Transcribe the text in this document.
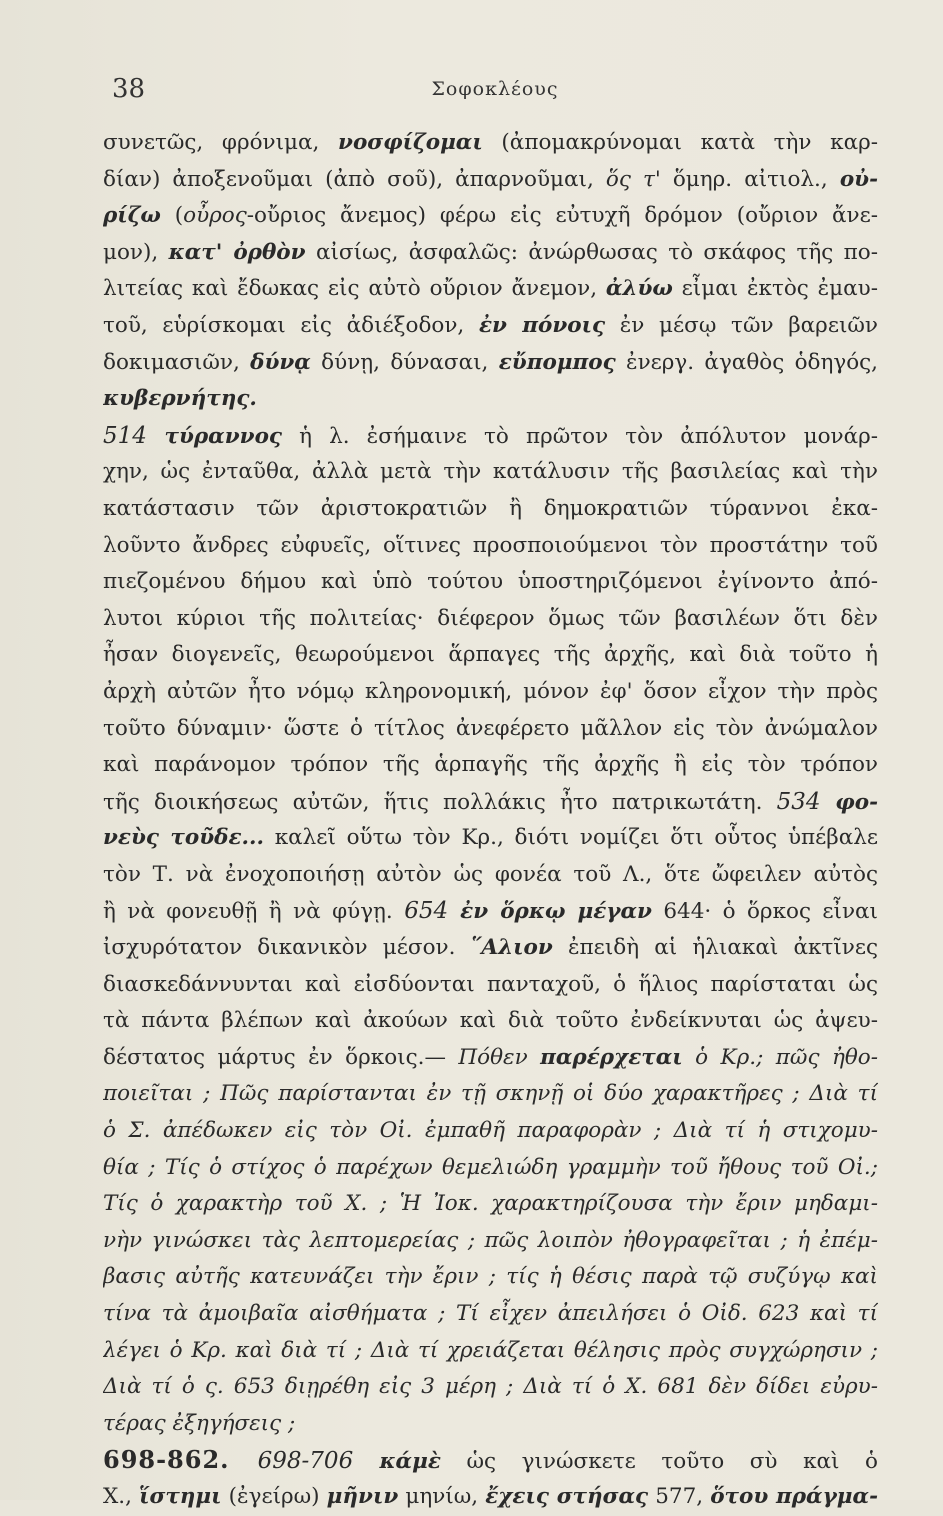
38	Σοφοκλέους
συνετῶς, φρόνιμα, νοσφίζομαι (ἀπομακρύνομαι κατὰ τὴν καρ-
δίαν) ἀποξενοῦμαι (ἀπὸ σοῦ), ἀπαρνοῦμαι, ὅς τ' ὅμηρ. αἰτιολ., οὐ-
ρίζω (οὖρος-οὔριος ἄνεμος) φέρω εἰς εὐτυχῆ δρόμον (οὔριον ἄνε-
μον), κατ' ὀρθὸν αἰσίως, ἀσφαλῶς: ἀνώρθωσας τὸ σκάφος τῆς πο-
λιτείας καὶ ἔδωκας εἰς αὐτὸ οὔριον ἄνεμον, ἀλύω εἶμαι ἐκτὸς ἐμαυ-
τοῦ, εὑρίσκομαι εἰς ἀδιέξοδον, ἐν πόνοις ἐν μέσῳ τῶν βαρειῶν
δοκιμασιῶν, δύνᾳ δύνῃ, δύνασαι, εὔπομπος ἐνεργ. ἀγαθὸς ὁδηγός,
κυβερνήτης.
514 τύραννος ἡ λ. ἐσήμαινε τὸ πρῶτον τὸν ἀπόλυτον μονάρ-
χην, ὡς ἐνταῦθα, ἀλλὰ μετὰ τὴν κατάλυσιν τῆς βασιλείας καὶ τὴν
κατάστασιν τῶν ἀριστοκρατιῶν ἢ δημοκρατιῶν τύραννοι ἐκα-
λοῦντο ἄνδρες εὐφυεῖς, οἵτινες προσποιούμενοι τὸν προστάτην τοῦ
πιεζομένου δήμου καὶ ὑπὸ τούτου ὑποστηριζόμενοι ἐγίνοντο ἀπό-
λυτοι κύριοι τῆς πολιτείας· διέφερον ὅμως τῶν βασιλέων ὅτι δὲν
ἦσαν διογενεῖς, θεωρούμενοι ἅρπαγες τῆς ἀρχῆς, καὶ διὰ τοῦτο ἡ
ἀρχὴ αὐτῶν ἦτο νόμῳ κληρονομική, μόνον ἐφ' ὅσον εἶχον τὴν πρὸς
τοῦτο δύναμιν· ὥστε ὁ τίτλος ἀνεφέρετο μᾶλλον εἰς τὸν ἀνώμαλον
καὶ παράνομον τρόπον τῆς ἁρπαγῆς τῆς ἀρχῆς ἢ εἰς τὸν τρόπον
τῆς διοικήσεως αὐτῶν, ἥτις πολλάκις ἦτο πατρικωτάτη. 534 φο-
νεὺς τοῦδε... καλεῖ οὕτω τὸν Κρ., διότι νομίζει ὅτι οὗτος ὑπέβαλε
τὸν Τ. νὰ ἐνοχοποιήσῃ αὐτὸν ὡς φονέα τοῦ Λ., ὅτε ὤφειλεν αὐτὸς
ἢ νὰ φονευθῇ ἢ νὰ φύγῃ. 654 ἐν ὅρκῳ μέγαν 644· ὁ ὅρκος εἶναι
ἰσχυρότατον δικανικὸν μέσον. ῞Αλιον ἐπειδὴ αἱ ἡλιακαὶ ἀκτῖνες
διασκεδάννυνται καὶ εἰσδύονται πανταχοῦ, ὁ ἥλιος παρίσταται ὡς
τὰ πάντα βλέπων καὶ ἀκούων καὶ διὰ τοῦτο ἐνδείκνυται ὡς ἀψευ-
δέστατος μάρτυς ἐν ὅρκοις.— Πόθεν παρέρχεται ὁ Κρ.; πῶς ἠθο-
ποιεῖται ; Πῶς παρίστανται ἐν τῇ σκηνῇ οἱ δύο χαρακτῆρες ; Διὰ τί
ὁ Σ. ἀπέδωκεν εἰς τὸν Οἰ. ἐμπαθῆ παραφορὰν ; Διὰ τί ἡ στιχομυ-
θία ; Τίς ὁ στίχος ὁ παρέχων θεμελιώδη γραμμὴν τοῦ ἤθους τοῦ Οἰ.;
Τίς ὁ χαρακτὴρ τοῦ Χ. ; Ἡ Ἰοκ. χαρακτηρίζουσα τὴν ἔριν μηδαμι-
νὴν γινώσκει τὰς λεπτομερείας ; πῶς λοιπὸν ἠθογραφεῖται ; ἡ ἐπέμ-
βασις αὐτῆς κατευνάζει τὴν ἔριν ; τίς ἡ θέσις παρὰ τῷ συζύγῳ καὶ
τίνα τὰ ἀμοιβαῖα αἰσθήματα ; Τί εἶχεν ἀπειλήσει ὁ Οἰδ. 623 καὶ τί
λέγει ὁ Κρ. καὶ διὰ τί ; Διὰ τί χρειάζεται θέλησις πρὸς συγχώρησιν ;
Διὰ τί ὁ ς. 653 διῃρέθη εἰς 3 μέρη ; Διὰ τί ὁ Χ. 681 δὲν δίδει εὐρυ-
τέρας ἐξηγήσεις ;
698-862. 698-706 κάμὲ ὡς γινώσκετε τοῦτο σὺ καὶ ὁ
Χ., ἵστημι (ἐγείρω) μῆνιν μηνίω, ἔχεις στήσας 577, ὅτου πράγμα-
